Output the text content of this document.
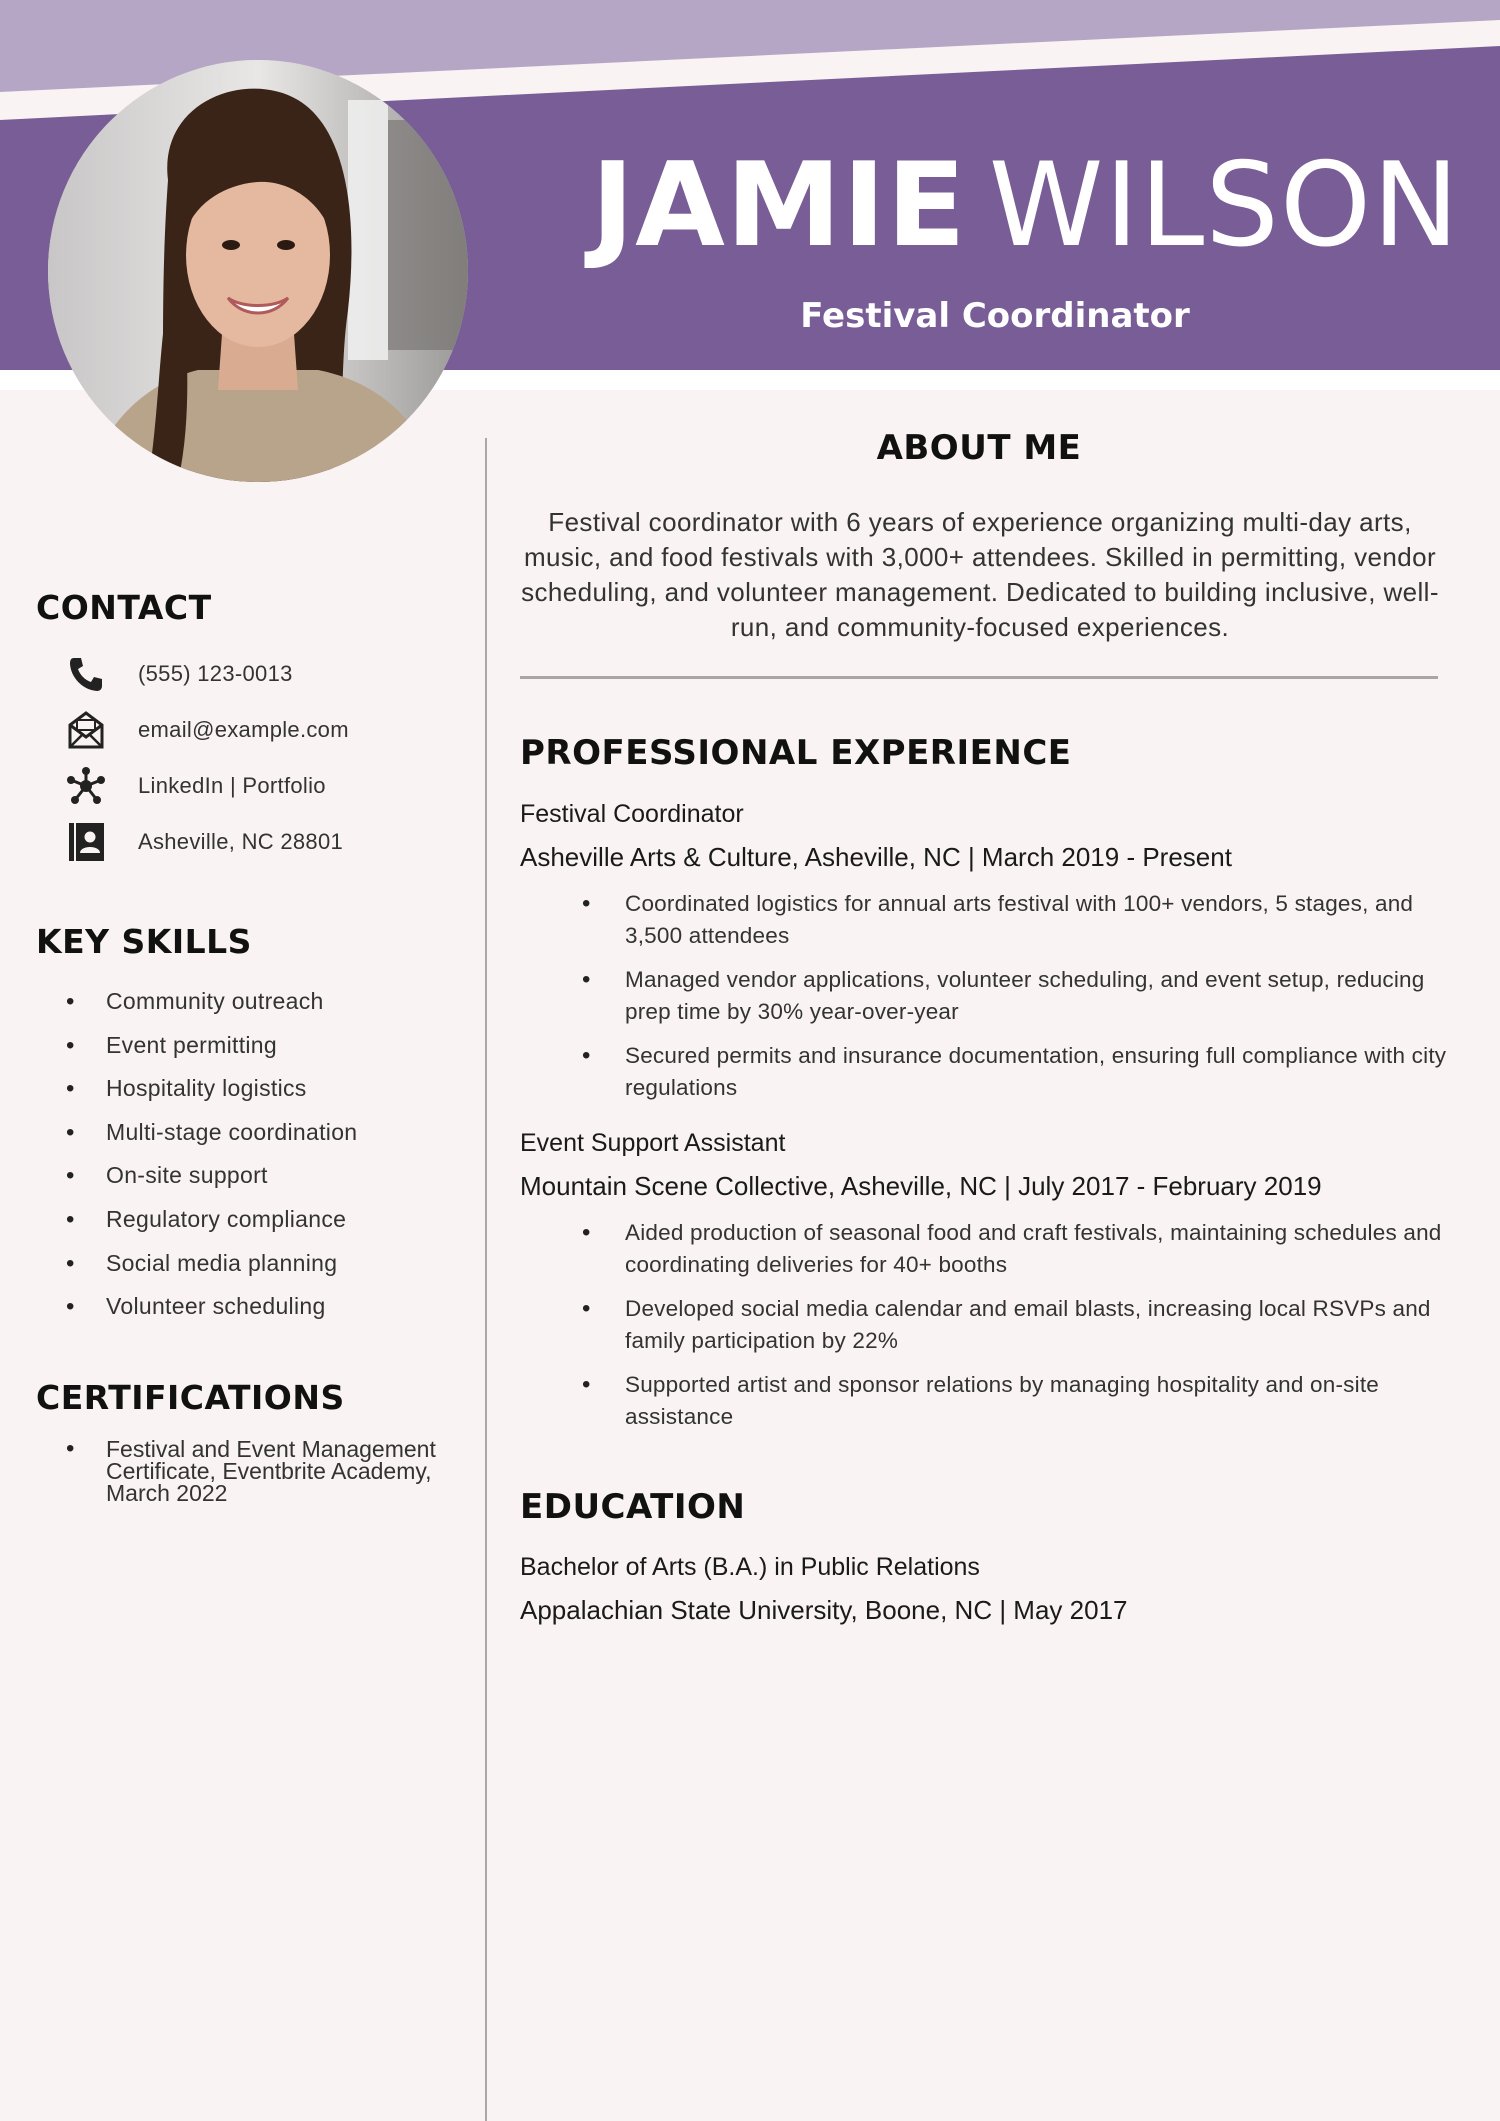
JAMIE WILSON
Festival Coordinator
CONTACT
(555) 123-0013
email@example.com
LinkedIn | Portfolio
Asheville, NC 28801
KEY SKILLS
• Community outreach
• Event permitting
• Hospitality logistics
• Multi-stage coordination
• On-site support
• Regulatory compliance
• Social media planning
• Volunteer scheduling
CERTIFICATIONS
• Festival and Event Management Certificate, Eventbrite Academy, March 2022
ABOUT ME
Festival coordinator with 6 years of experience organizing multi-day arts, music, and food festivals with 3,000+ attendees. Skilled in permitting, vendor scheduling, and volunteer management. Dedicated to building inclusive, well-run, and community-focused experiences.
PROFESSIONAL EXPERIENCE
Festival Coordinator
Asheville Arts & Culture, Asheville, NC | March 2019 - Present
• Coordinated logistics for annual arts festival with 100+ vendors, 5 stages, and 3,500 attendees
• Managed vendor applications, volunteer scheduling, and event setup, reducing prep time by 30% year-over-year
• Secured permits and insurance documentation, ensuring full compliance with city regulations
Event Support Assistant
Mountain Scene Collective, Asheville, NC | July 2017 - February 2019
• Aided production of seasonal food and craft festivals, maintaining schedules and coordinating deliveries for 40+ booths
• Developed social media calendar and email blasts, increasing local RSVPs and family participation by 22%
• Supported artist and sponsor relations by managing hospitality and on-site assistance
EDUCATION
Bachelor of Arts (B.A.) in Public Relations
Appalachian State University, Boone, NC | May 2017
